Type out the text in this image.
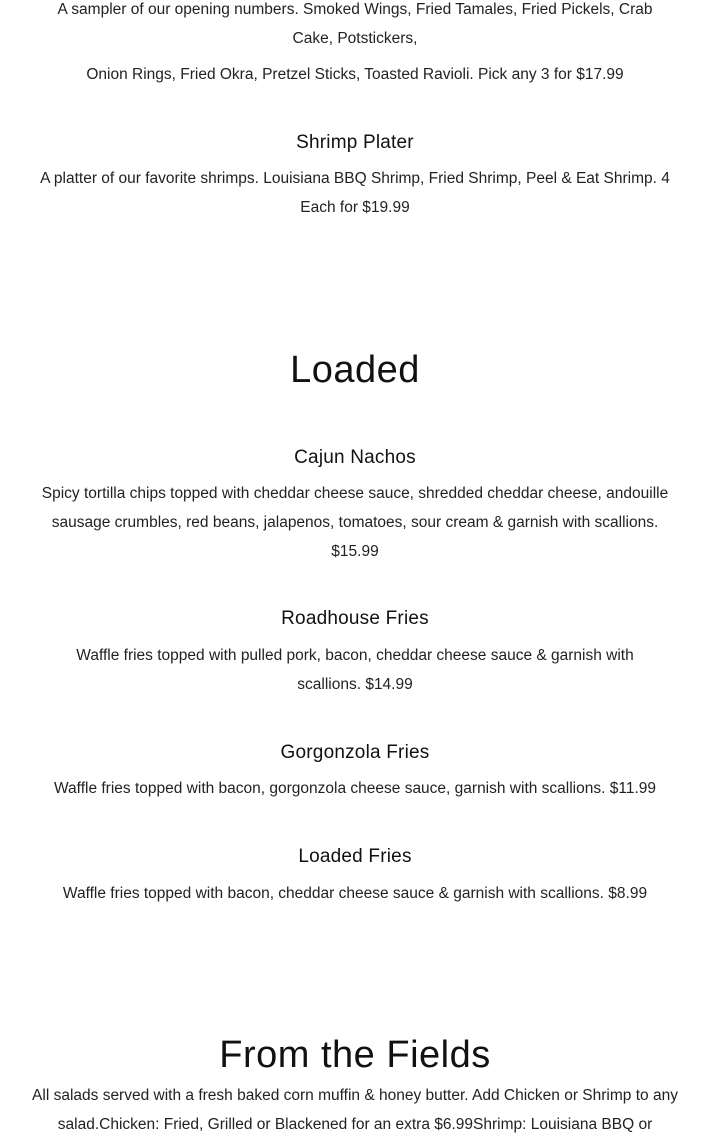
A sampler of our opening numbers. Smoked Wings, Fried Tamales, Fried Pickels, Crab Cake, Potstickers,

Onion Rings, Fried Okra, Pretzel Sticks, Toasted Ravioli. Pick any 3 for $17.99

Shrimp Plater

A platter of our favorite shrimps. Louisiana BBQ Shrimp, Fried Shrimp, Peel & Eat Shrimp. 4 Each for $19.99

Loaded
Cajun Nachos

Spicy tortilla chips topped with cheddar cheese sauce, shredded cheddar cheese, andouille sausage crumbles, red beans, jalapenos, tomatoes, sour cream & garnish with scallions. $15.99

Roadhouse Fries

Waffle fries topped with pulled pork, bacon, cheddar cheese sauce & garnish with scallions. $14.99

Gorgonzola Fries

Waffle fries topped with bacon, gorgonzola cheese sauce, garnish with scallions. $11.99

Loaded Fries

Waffle fries topped with bacon, cheddar cheese sauce & garnish with scallions. $8.99

From the Fields

All salads served with a fresh baked corn muffin & honey butter. Add Chicken or Shrimp to any salad.Chicken: Fried, Grilled or Blackened for an extra $6.99Shrimp: Louisiana BBQ or
